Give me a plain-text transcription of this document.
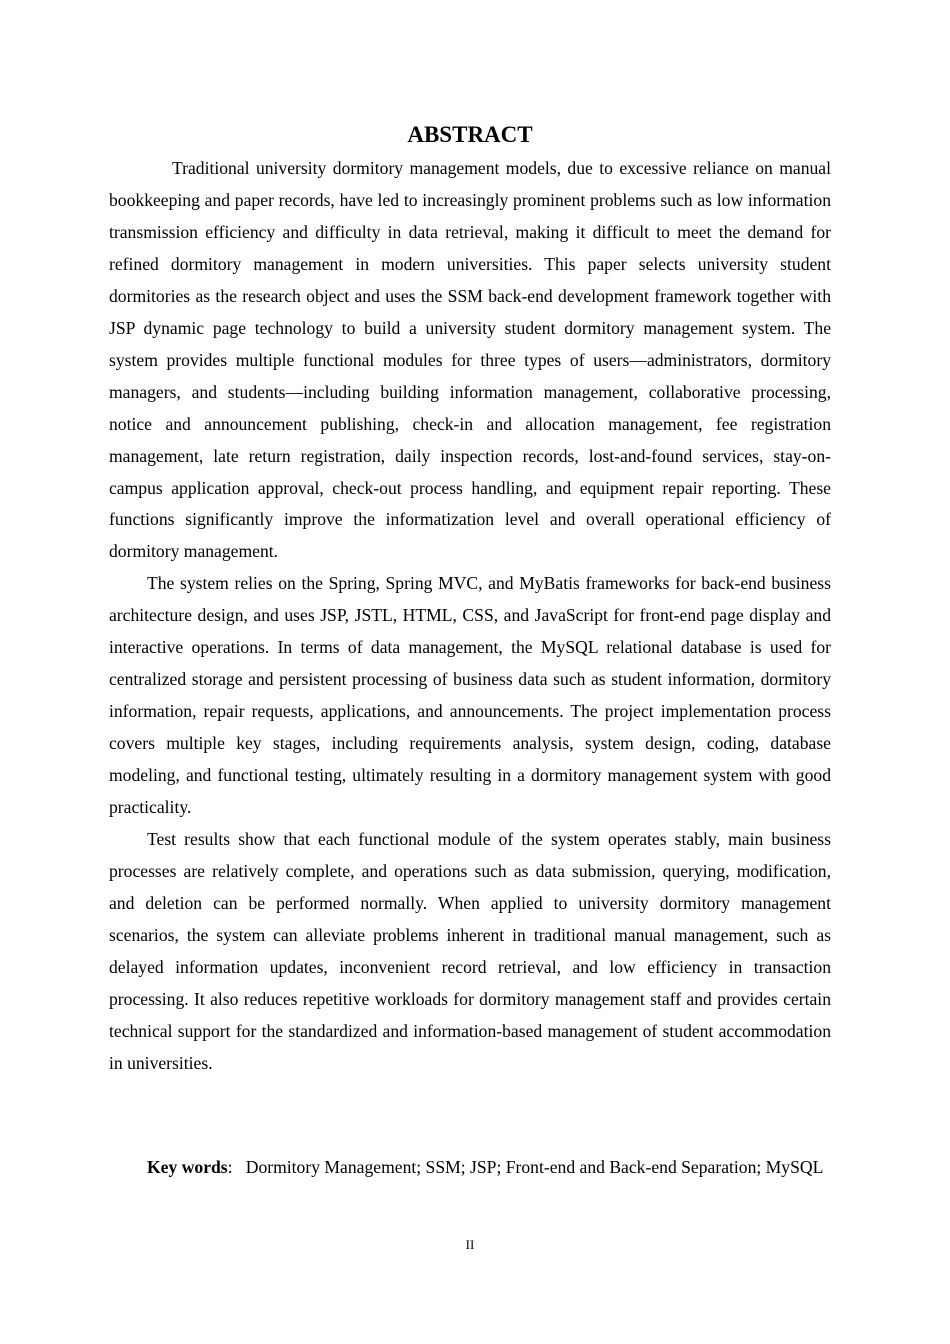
ABSTRACT

Traditional university dormitory management models, due to excessive reliance on manual bookkeeping and paper records, have led to increasingly prominent problems such as low information transmission efficiency and difficulty in data retrieval, making it difficult to meet the demand for refined dormitory management in modern universities. This paper selects university student dormitories as the research object and uses the SSM back-end development framework together with JSP dynamic page technology to build a university student dormitory management system. The system provides multiple functional modules for three types of users—administrators, dormitory managers, and students—including building information management, collaborative processing, notice and announcement publishing, check-in and allocation management, fee registration management, late return registration, daily inspection records, lost-and-found services, stay-on-campus application approval, check-out process handling, and equipment repair reporting. These functions significantly improve the informatization level and overall operational efficiency of dormitory management.

The system relies on the Spring, Spring MVC, and MyBatis frameworks for back-end business architecture design, and uses JSP, JSTL, HTML, CSS, and JavaScript for front-end page display and interactive operations. In terms of data management, the MySQL relational database is used for centralized storage and persistent processing of business data such as student information, dormitory information, repair requests, applications, and announcements. The project implementation process covers multiple key stages, including requirements analysis, system design, coding, database modeling, and functional testing, ultimately resulting in a dormitory management system with good practicality.

Test results show that each functional module of the system operates stably, main business processes are relatively complete, and operations such as data submission, querying, modification, and deletion can be performed normally. When applied to university dormitory management scenarios, the system can alleviate problems inherent in traditional manual management, such as delayed information updates, inconvenient record retrieval, and low efficiency in transaction processing. It also reduces repetitive workloads for dormitory management staff and provides certain technical support for the standardized and information-based management of student accommodation in universities.

Key words: Dormitory Management; SSM; JSP; Front-end and Back-end Separation; MySQL

II
